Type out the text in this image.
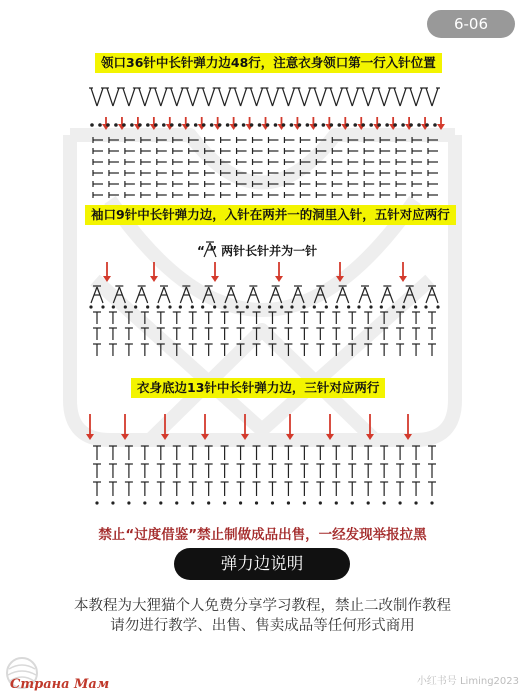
6-06
领口36针中长针弹力边48行，注意衣身领口第一行入针位置
袖口9针中长针弹力边，入针在两并一的洞里入针，五针对应两行
“ ” 两针长针并为一针
衣身底边13针中长针弹力边，三针对应两行
禁止“过度借鉴”禁止制做成品出售，一经发现举报拉黑
弹力边说明
本教程为大狸猫个人免费分享学习教程，禁止二改制作教程
请勿进行教学、出售、售卖成品等任何形式商用
Страна Мам	小红书号 Liming2023
